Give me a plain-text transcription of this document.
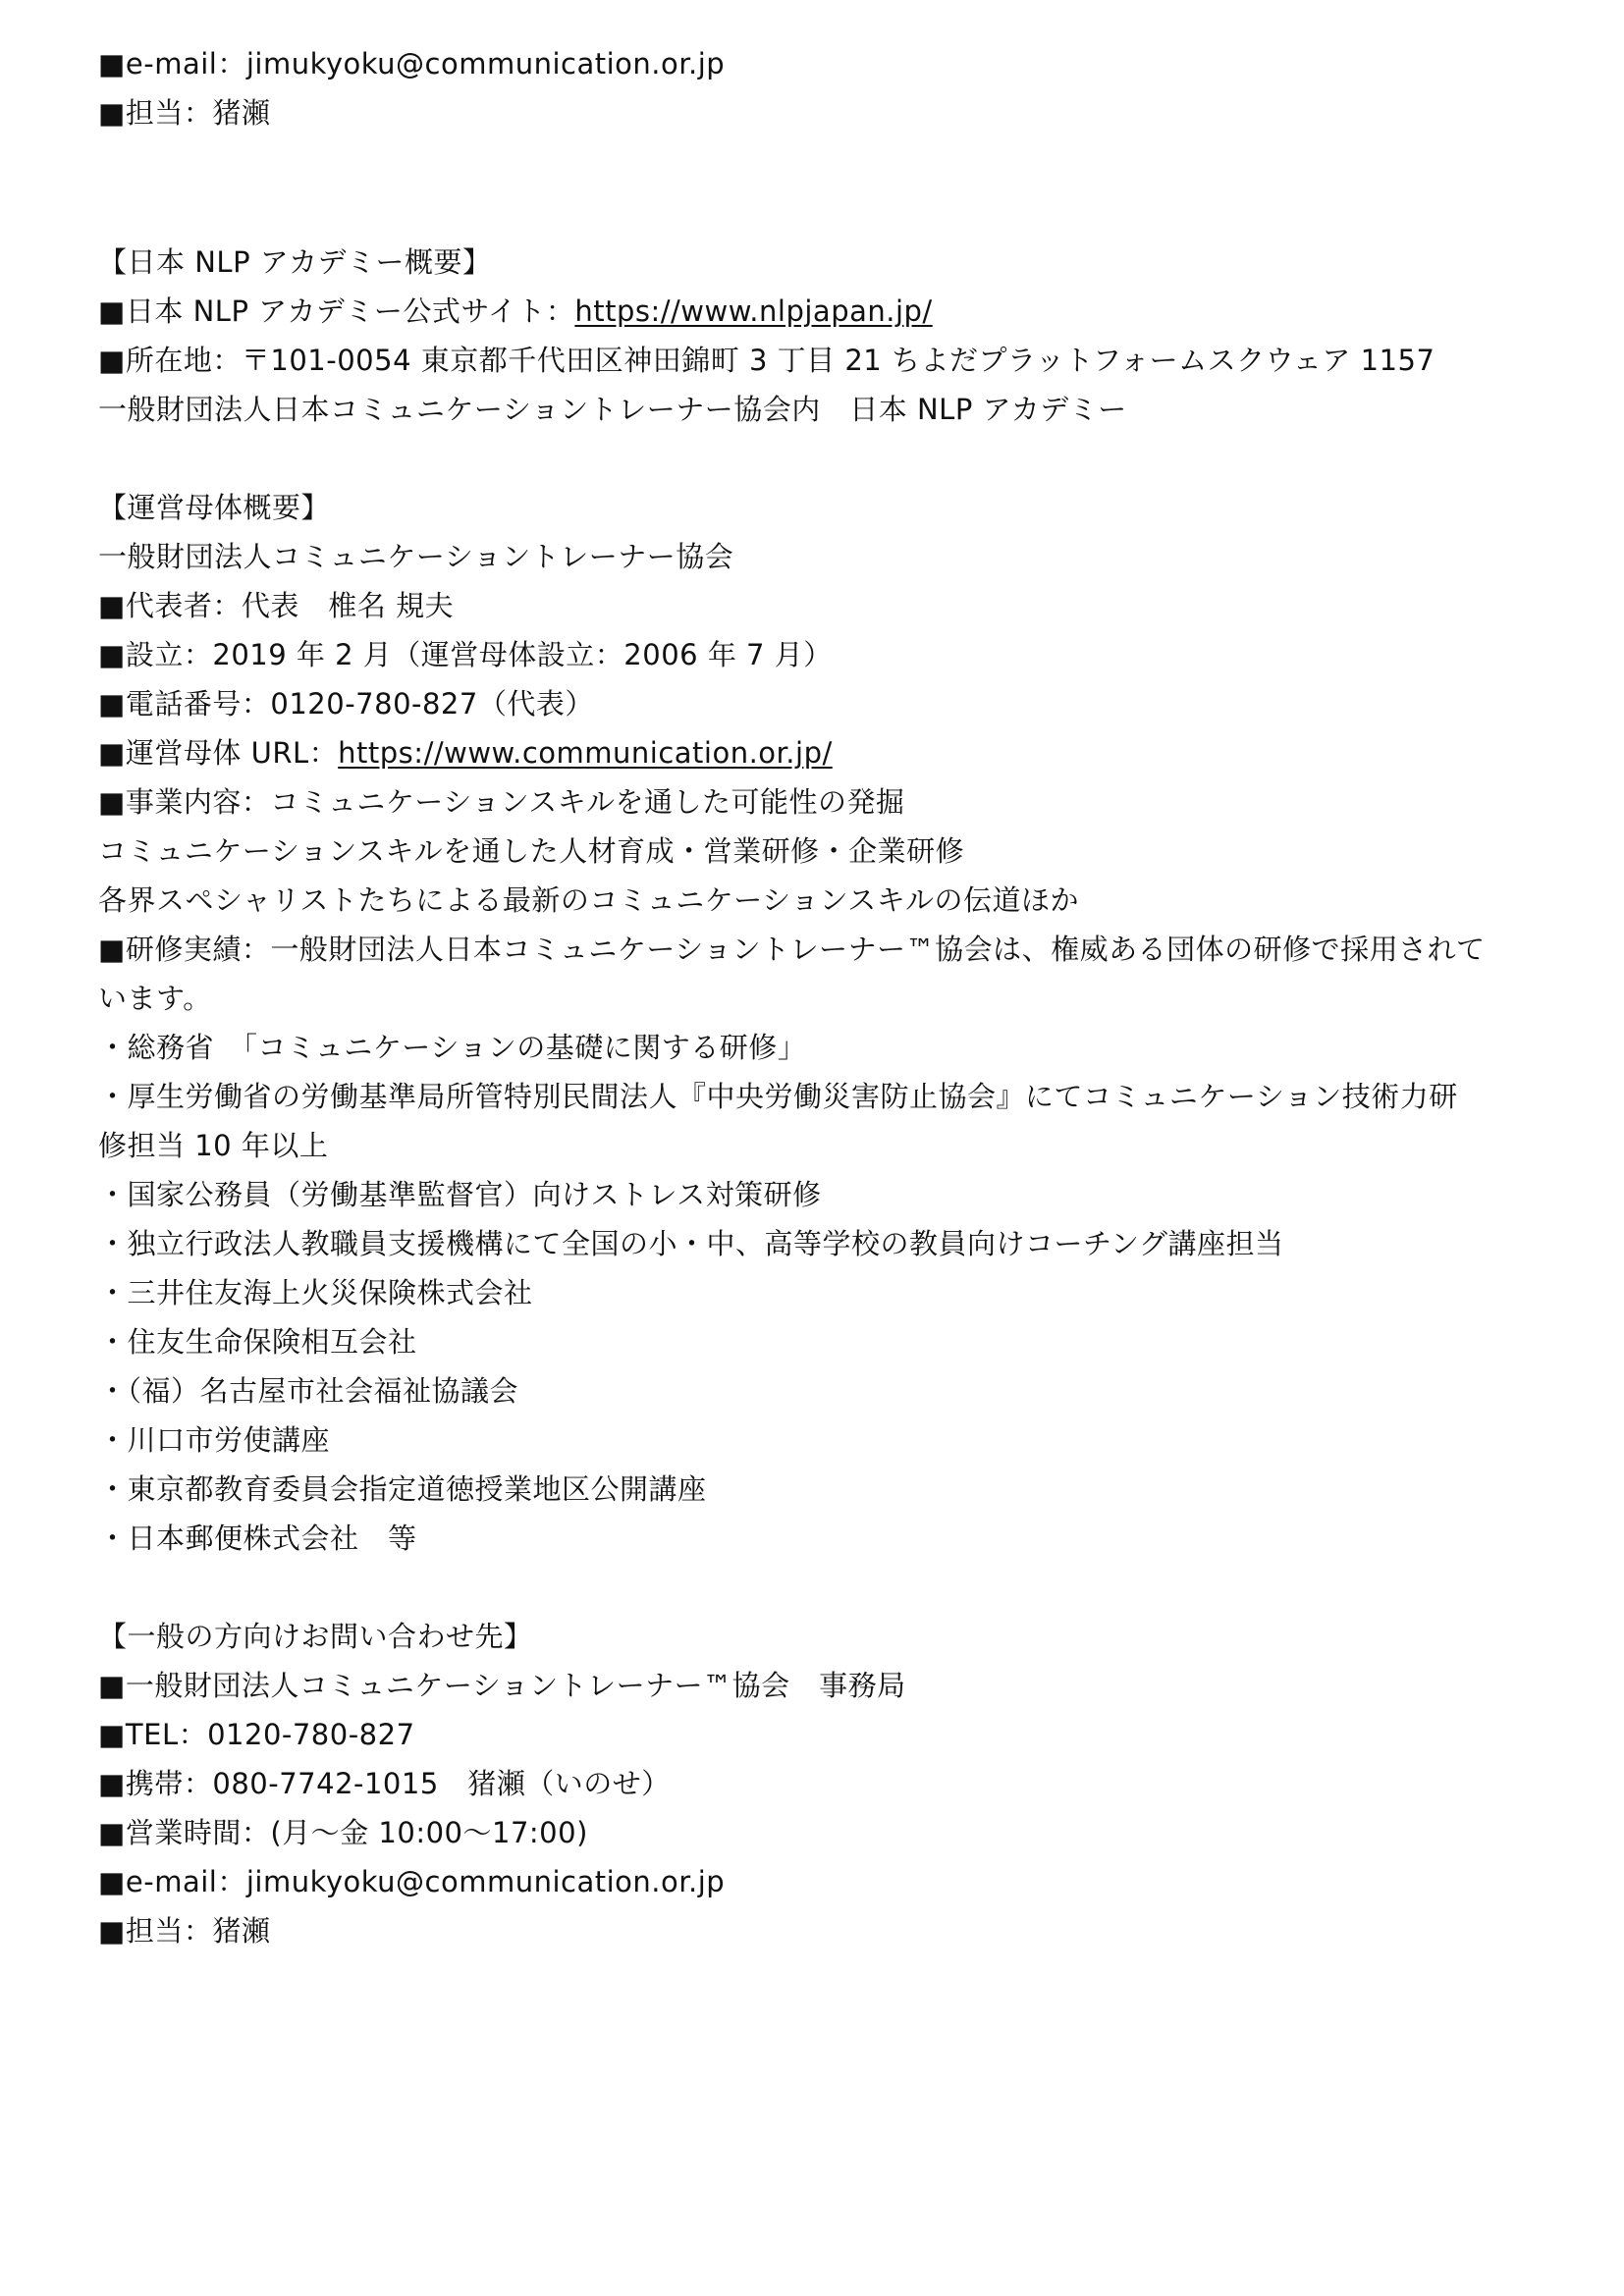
■e-mail：jimukyoku@communication.or.jp
■担当：猪瀬
【日本 NLP アカデミー概要】
■日本 NLP アカデミー公式サイト：https://www.nlpjapan.jp/
■所在地：〒101-0054 東京都千代田区神田錦町 3 丁目 21 ちよだプラットフォームスクウェア 1157
一般財団法人日本コミュニケーショントレーナー協会内　日本 NLP アカデミー
【運営母体概要】
一般財団法人コミュニケーショントレーナー協会
■代表者：代表　椎名 規夫
■設立：2019 年 2 月（運営母体設立：2006 年 7 月）
■電話番号：0120-780-827（代表）
■運営母体 URL：https://www.communication.or.jp/
■事業内容：コミュニケーションスキルを通した可能性の発掘
コミュニケーションスキルを通した人材育成・営業研修・企業研修
各界スペシャリストたちによる最新のコミュニケーションスキルの伝道ほか
■研修実績：一般財団法人日本コミュニケーショントレーナー™協会は、権威ある団体の研修で採用されて
います。
・総務省　「コミュニケーションの基礎に関する研修」
・厚生労働省の労働基準局所管特別民間法人『中央労働災害防止協会』にてコミュニケーション技術力研
修担当 10 年以上
・国家公務員（労働基準監督官）向けストレス対策研修
・独立行政法人教職員支援機構にて全国の小・中、高等学校の教員向けコーチング講座担当
・三井住友海上火災保険株式会社
・住友生命保険相互会社
・（福）名古屋市社会福祉協議会
・川口市労使講座
・東京都教育委員会指定道徳授業地区公開講座
・日本郵便株式会社　等
【一般の方向けお問い合わせ先】
■一般財団法人コミュニケーショントレーナー™協会　事務局
■TEL：0120-780-827
■携帯：080-7742-1015　猪瀬（いのせ）
■営業時間：(月～金 10:00～17:00)
■e-mail：jimukyoku@communication.or.jp
■担当：猪瀬
